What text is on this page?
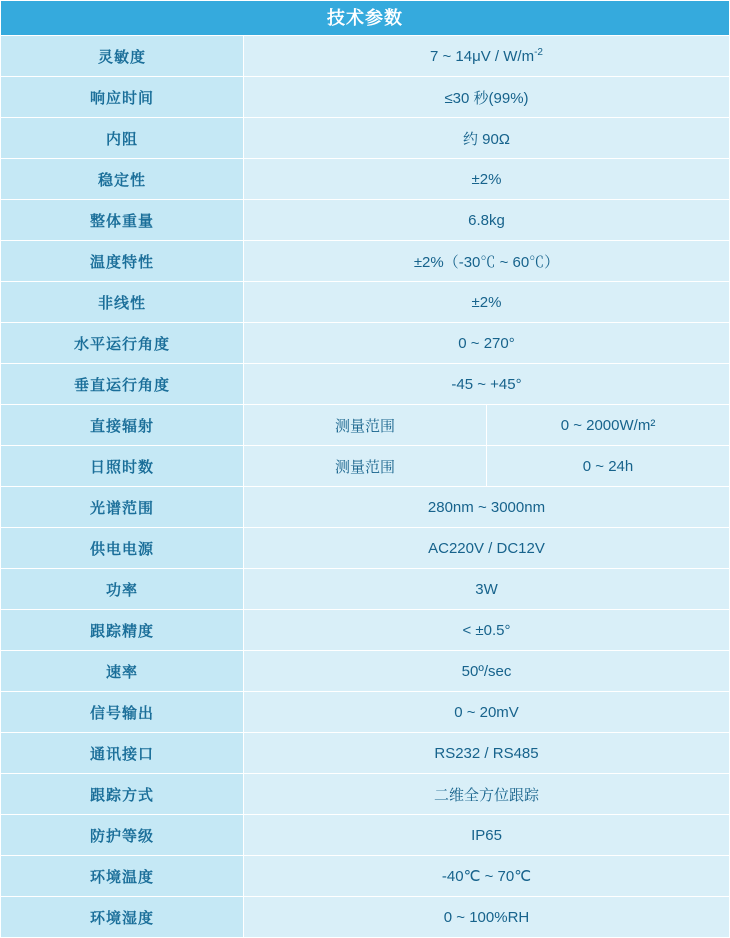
技术参数		
灵敏度	7 ~ $14\mu V / W/m^{-2}$
响应时间	≤30 秒(99%)	
内阻	约 90Ω	
稳定性	±2%	
整体重量	6.8kg	
温度特性	±2%（-30℃ ~ 60℃）	
非线性	±2%	
水平运行角度	0 ~ 270°	
垂直运行角度	-45 ~ +45°	
直接辐射	测量范围	0 ~ 2000W/m²
日照时数	测量范围	0 ~ 24h
光谱范围	280nm ~ 3000nm	
供电电源	AC220V / DC12V	
功率	3W	
跟踪精度	< ±0.5°	
速率	50º/sec	
信号输出	0 ~ 20mV	
通讯接口	RS232 / RS485	
跟踪方式	二维全方位跟踪	
防护等级	IP65	
环境温度	-40℃ ~ 70℃	
环境湿度	0 ~ 100%RH	
